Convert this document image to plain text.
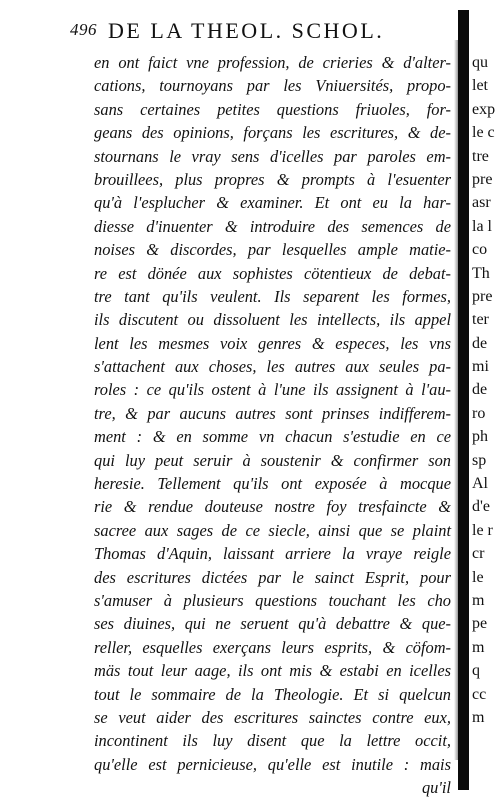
496 DE LA THEOL. SCHOL.
en ont faict vne profession, de crieries & d'alter-
cations, tournoyans par les Vniuersités, propo-
sans certaines petites questions friuoles, for-
geans des opinions, forçans les escritures, & de-
stournans le vray sens d'icelles par paroles em-
brouillees, plus propres & prompts à l'esuenter
qu'à l'esplucher & examiner. Et ont eu la har-
diesse d'inuenter & introduire des semences de
noises & discordes, par lesquelles ample matie-
re est dönée aux sophistes cötentieux de debat-
tre tant qu'ils veulent. Ils separent les formes,
ils discutent ou dissoluent les intellects, ils appel
lent les mesmes voix genres & especes, les vns
s'attachent aux choses, les autres aux seules pa-
roles : ce qu'ils ostent à l'une ils assignent à l'au-
tre, & par aucuns autres sont prinses indifferem-
ment : & en somme vn chacun s'estudie en ce
qui luy peut seruir à soustenir & confirmer son
heresie. Tellement qu'ils ont exposée à mocque
rie & rendue douteuse nostre foy tresfaincte &
sacree aux sages de ce siecle, ainsi que se plaint
Thomas d'Aquin, laissant arriere la vraye reigle
des escritures dictées par le sainct Esprit, pour
s'amuser à plusieurs questions touchant les cho
ses diuines, qui ne seruent qu'à debattre & que-
reller, esquelles exerçans leurs esprits, & cöfom-
mäs tout leur aage, ils ont mis & estabi en icelles
tout le sommaire de la Theologie. Et si quelcun
se veut aider des escritures sainctes contre eux,
incontinent ils luy disent que la lettre occit,
qu'elle est pernicieuse, qu'elle est inutile : mais
qu'il
qu
let
exp
le c
tre
pre
asr
la l
co
Th
pre
ter
de
mi
de
ro
ph
sp
Al
d'e
le r
cr
le
m
pe
m
q
cc
m
